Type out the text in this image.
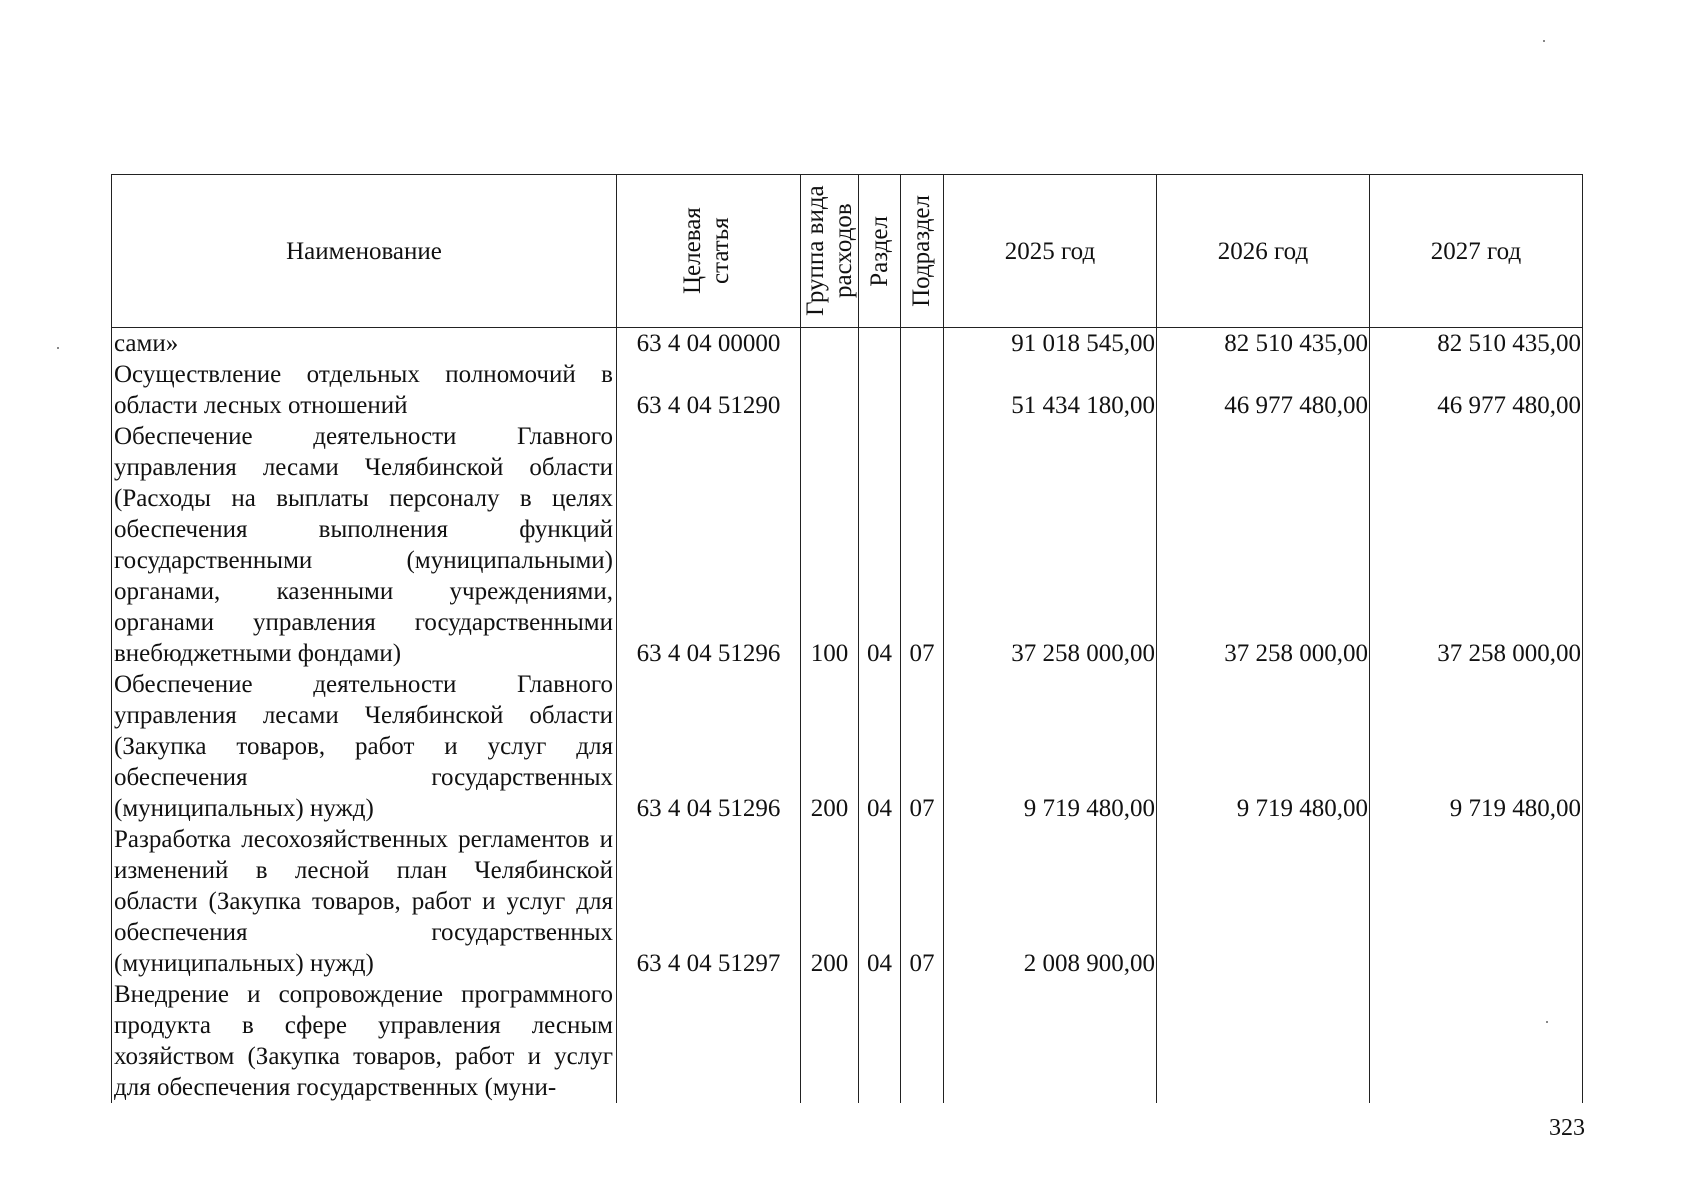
Наименование	Целевая статья	Группа вида расходов	Раздел	Подраздел	2025 год	2026 год	2027 год
сами»	63 4 04 00000				91 018 545,00	82 510 435,00	82 510 435,00
Осуществление отдельных полномочий в области лесных отношений	63 4 04 51290				51 434 180,00	46 977 480,00	46 977 480,00
Обеспечение деятельности Главного управления лесами Челябинской области (Расходы на выплаты персоналу в целях обеспечения выполнения функций государственными (муниципальными) органами, казенными учреждениями, органами управления государственными внебюджетными фондами)	63 4 04 51296	100	04	07	37 258 000,00	37 258 000,00	37 258 000,00
Обеспечение деятельности Главного управления лесами Челябинской области (Закупка товаров, работ и услуг для обеспечения государственных (муниципальных) нужд)	63 4 04 51296	200	04	07	9 719 480,00	9 719 480,00	9 719 480,00
Разработка лесохозяйственных регламентов и изменений в лесной план Челябинской области (Закупка товаров, работ и услуг для обеспечения государственных (муниципальных) нужд)	63 4 04 51297	200	04	07	2 008 900,00		
Внедрение и сопровождение программного продукта в сфере управления лесным хозяйством (Закупка товаров, работ и услуг для обеспечения государственных (муни-							
323
